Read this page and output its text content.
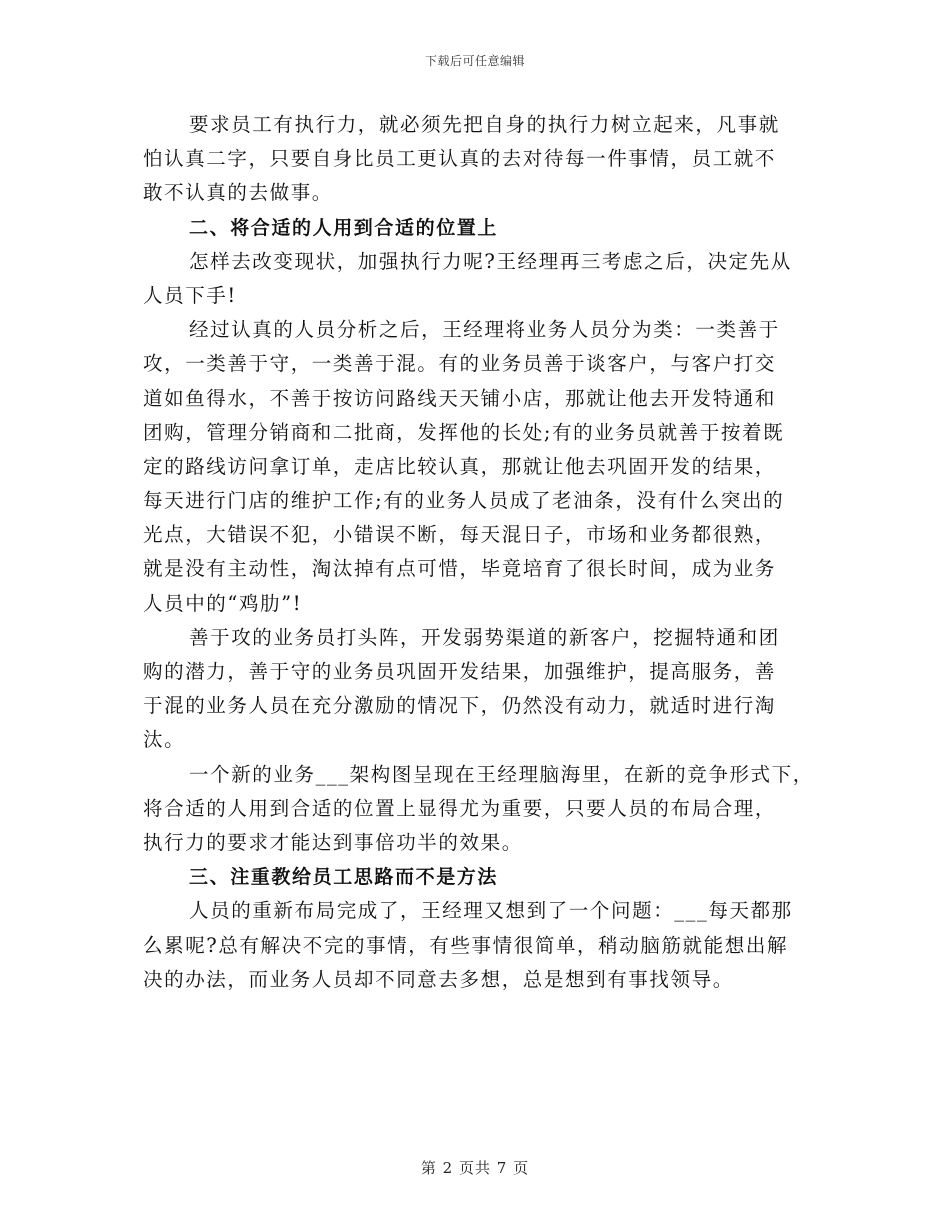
下载后可任意编辑
要求员工有执行力，就必须先把自身的执行力树立起来，凡事就
怕认真二字，只要自身比员工更认真的去对待每一件事情，员工就不
敢不认真的去做事。
二、将合适的人用到合适的位置上
怎样去改变现状，加强执行力呢?王经理再三考虑之后，决定先从
人员下手!
经过认真的人员分析之后，王经理将业务人员分为类：一类善于
攻，一类善于守，一类善于混。有的业务员善于谈客户，与客户打交
道如鱼得水，不善于按访问路线天天铺小店，那就让他去开发特通和
团购，管理分销商和二批商，发挥他的长处;有的业务员就善于按着既
定的路线访问拿订单，走店比较认真，那就让他去巩固开发的结果，
每天进行门店的维护工作;有的业务人员成了老油条，没有什么突出的
光点，大错误不犯，小错误不断，每天混日子，市场和业务都很熟，
就是没有主动性，淘汰掉有点可惜，毕竟培育了很长时间，成为业务
人员中的“鸡肋”!
善于攻的业务员打头阵，开发弱势渠道的新客户，挖掘特通和团
购的潜力，善于守的业务员巩固开发结果，加强维护，提高服务，善
于混的业务人员在充分激励的情况下，仍然没有动力，就适时进行淘
汰。
一个新的业务___架构图呈现在王经理脑海里，在新的竞争形式下，
将合适的人用到合适的位置上显得尤为重要，只要人员的布局合理，
执行力的要求才能达到事倍功半的效果。
三、注重教给员工思路而不是方法
人员的重新布局完成了，王经理又想到了一个问题：___每天都那
么累呢?总有解决不完的事情，有些事情很简单，稍动脑筋就能想出解
决的办法，而业务人员却不同意去多想，总是想到有事找领导。
第 2 页共 7 页
